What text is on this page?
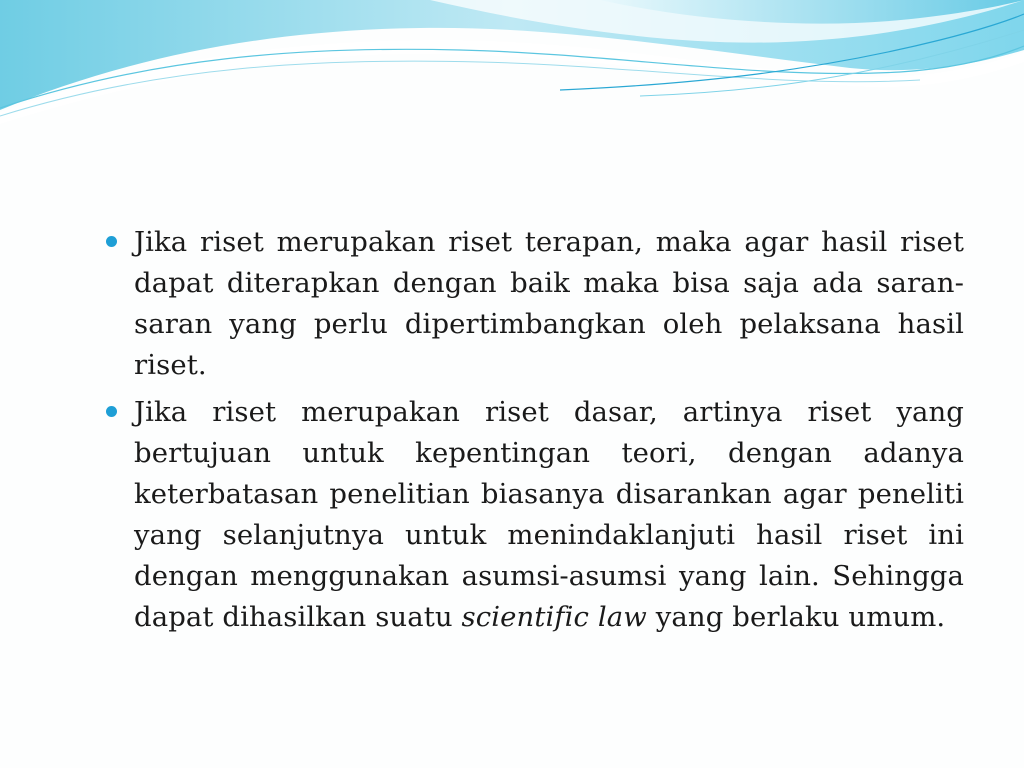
Jika riset merupakan riset terapan, maka agar hasil riset dapat diterapkan dengan baik maka bisa saja ada saran-saran yang perlu dipertimbangkan oleh pelaksana hasil riset.
Jika riset merupakan riset dasar, artinya riset yang bertujuan untuk kepentingan teori, dengan adanya keterbatasan penelitian biasanya disarankan agar peneliti yang selanjutnya untuk menindaklanjuti hasil riset ini dengan menggunakan asumsi-asumsi yang lain. Sehingga dapat dihasilkan suatu scientific law yang berlaku umum.
